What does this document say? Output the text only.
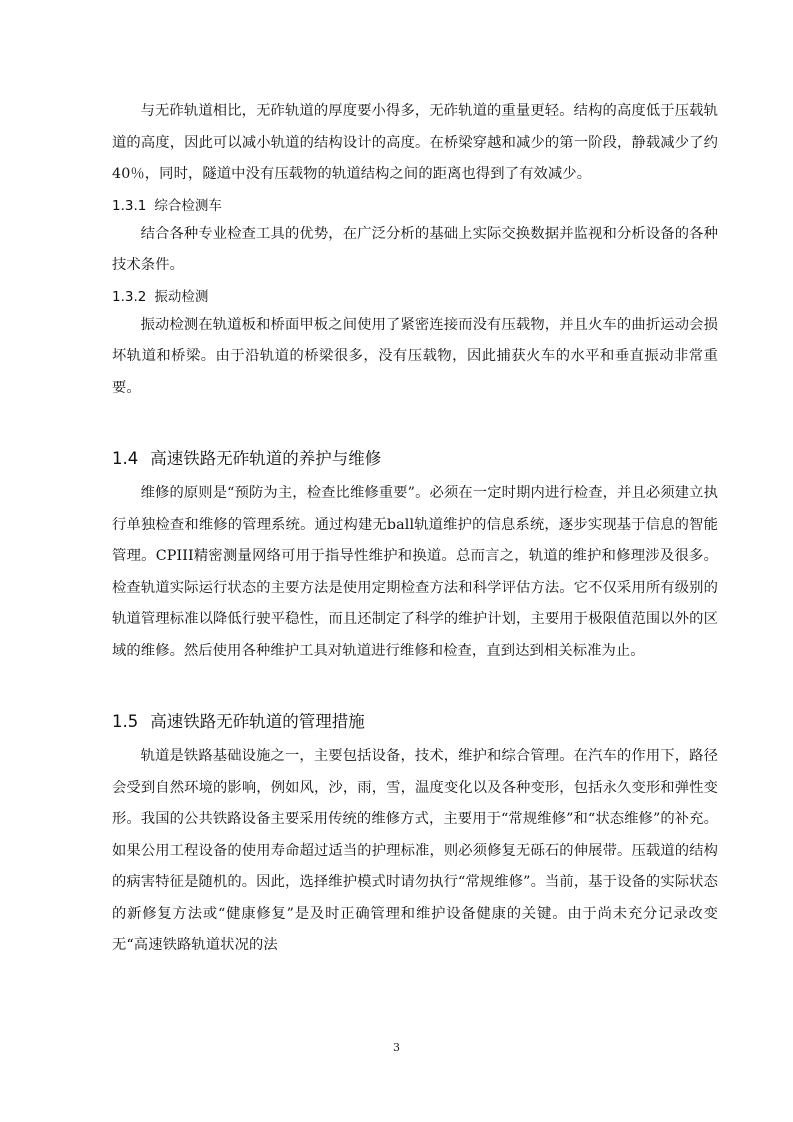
与无砟轨道相比，无砟轨道的厚度要小得多，无砟轨道的重量更轻。结构的高度低于压载轨道的高度，因此可以减小轨道的结构设计的高度。在桥梁穿越和减少的第一阶段，静载减少了约40％，同时，隧道中没有压载物的轨道结构之间的距离也得到了有效减少。

1.3.1 综合检测车

结合各种专业检查工具的优势，在广泛分析的基础上实际交换数据并监视和分析设备的各种技术条件。

1.3.2 振动检测

振动检测在轨道板和桥面甲板之间使用了紧密连接而没有压载物，并且火车的曲折运动会损坏轨道和桥梁。由于沿轨道的桥梁很多，没有压载物，因此捕获火车的水平和垂直振动非常重要。

1.4 高速铁路无砟轨道的养护与维修

维修的原则是“预防为主，检查比维修重要”。必须在一定时期内进行检查，并且必须建立执行单独检查和维修的管理系统。通过构建无ball轨道维护的信息系统，逐步实现基于信息的智能管理。CPIII精密测量网络可用于指导性维护和换道。总而言之，轨道的维护和修理涉及很多。检查轨道实际运行状态的主要方法是使用定期检查方法和科学评估方法。它不仅采用所有级别的轨道管理标准以降低行驶平稳性，而且还制定了科学的维护计划，主要用于极限值范围以外的区域的维修。然后使用各种维护工具对轨道进行维修和检查，直到达到相关标准为止。

1.5 高速铁路无砟轨道的管理措施

轨道是铁路基础设施之一，主要包括设备，技术，维护和综合管理。在汽车的作用下，路径会受到自然环境的影响，例如风，沙，雨，雪，温度变化以及各种变形，包括永久变形和弹性变形。我国的公共铁路设备主要采用传统的维修方式，主要用于“常规维修”和“状态维修”的补充。如果公用工程设备的使用寿命超过适当的护理标准，则必须修复无砾石的伸展带。压载道的结构的病害特征是随机的。因此，选择维护模式时请勿执行“常规维修”。当前，基于设备的实际状态的新修复方法或“健康修复”是及时正确管理和维护设备健康的关键。由于尚未充分记录改变无“高速铁路轨道状况的法

3
